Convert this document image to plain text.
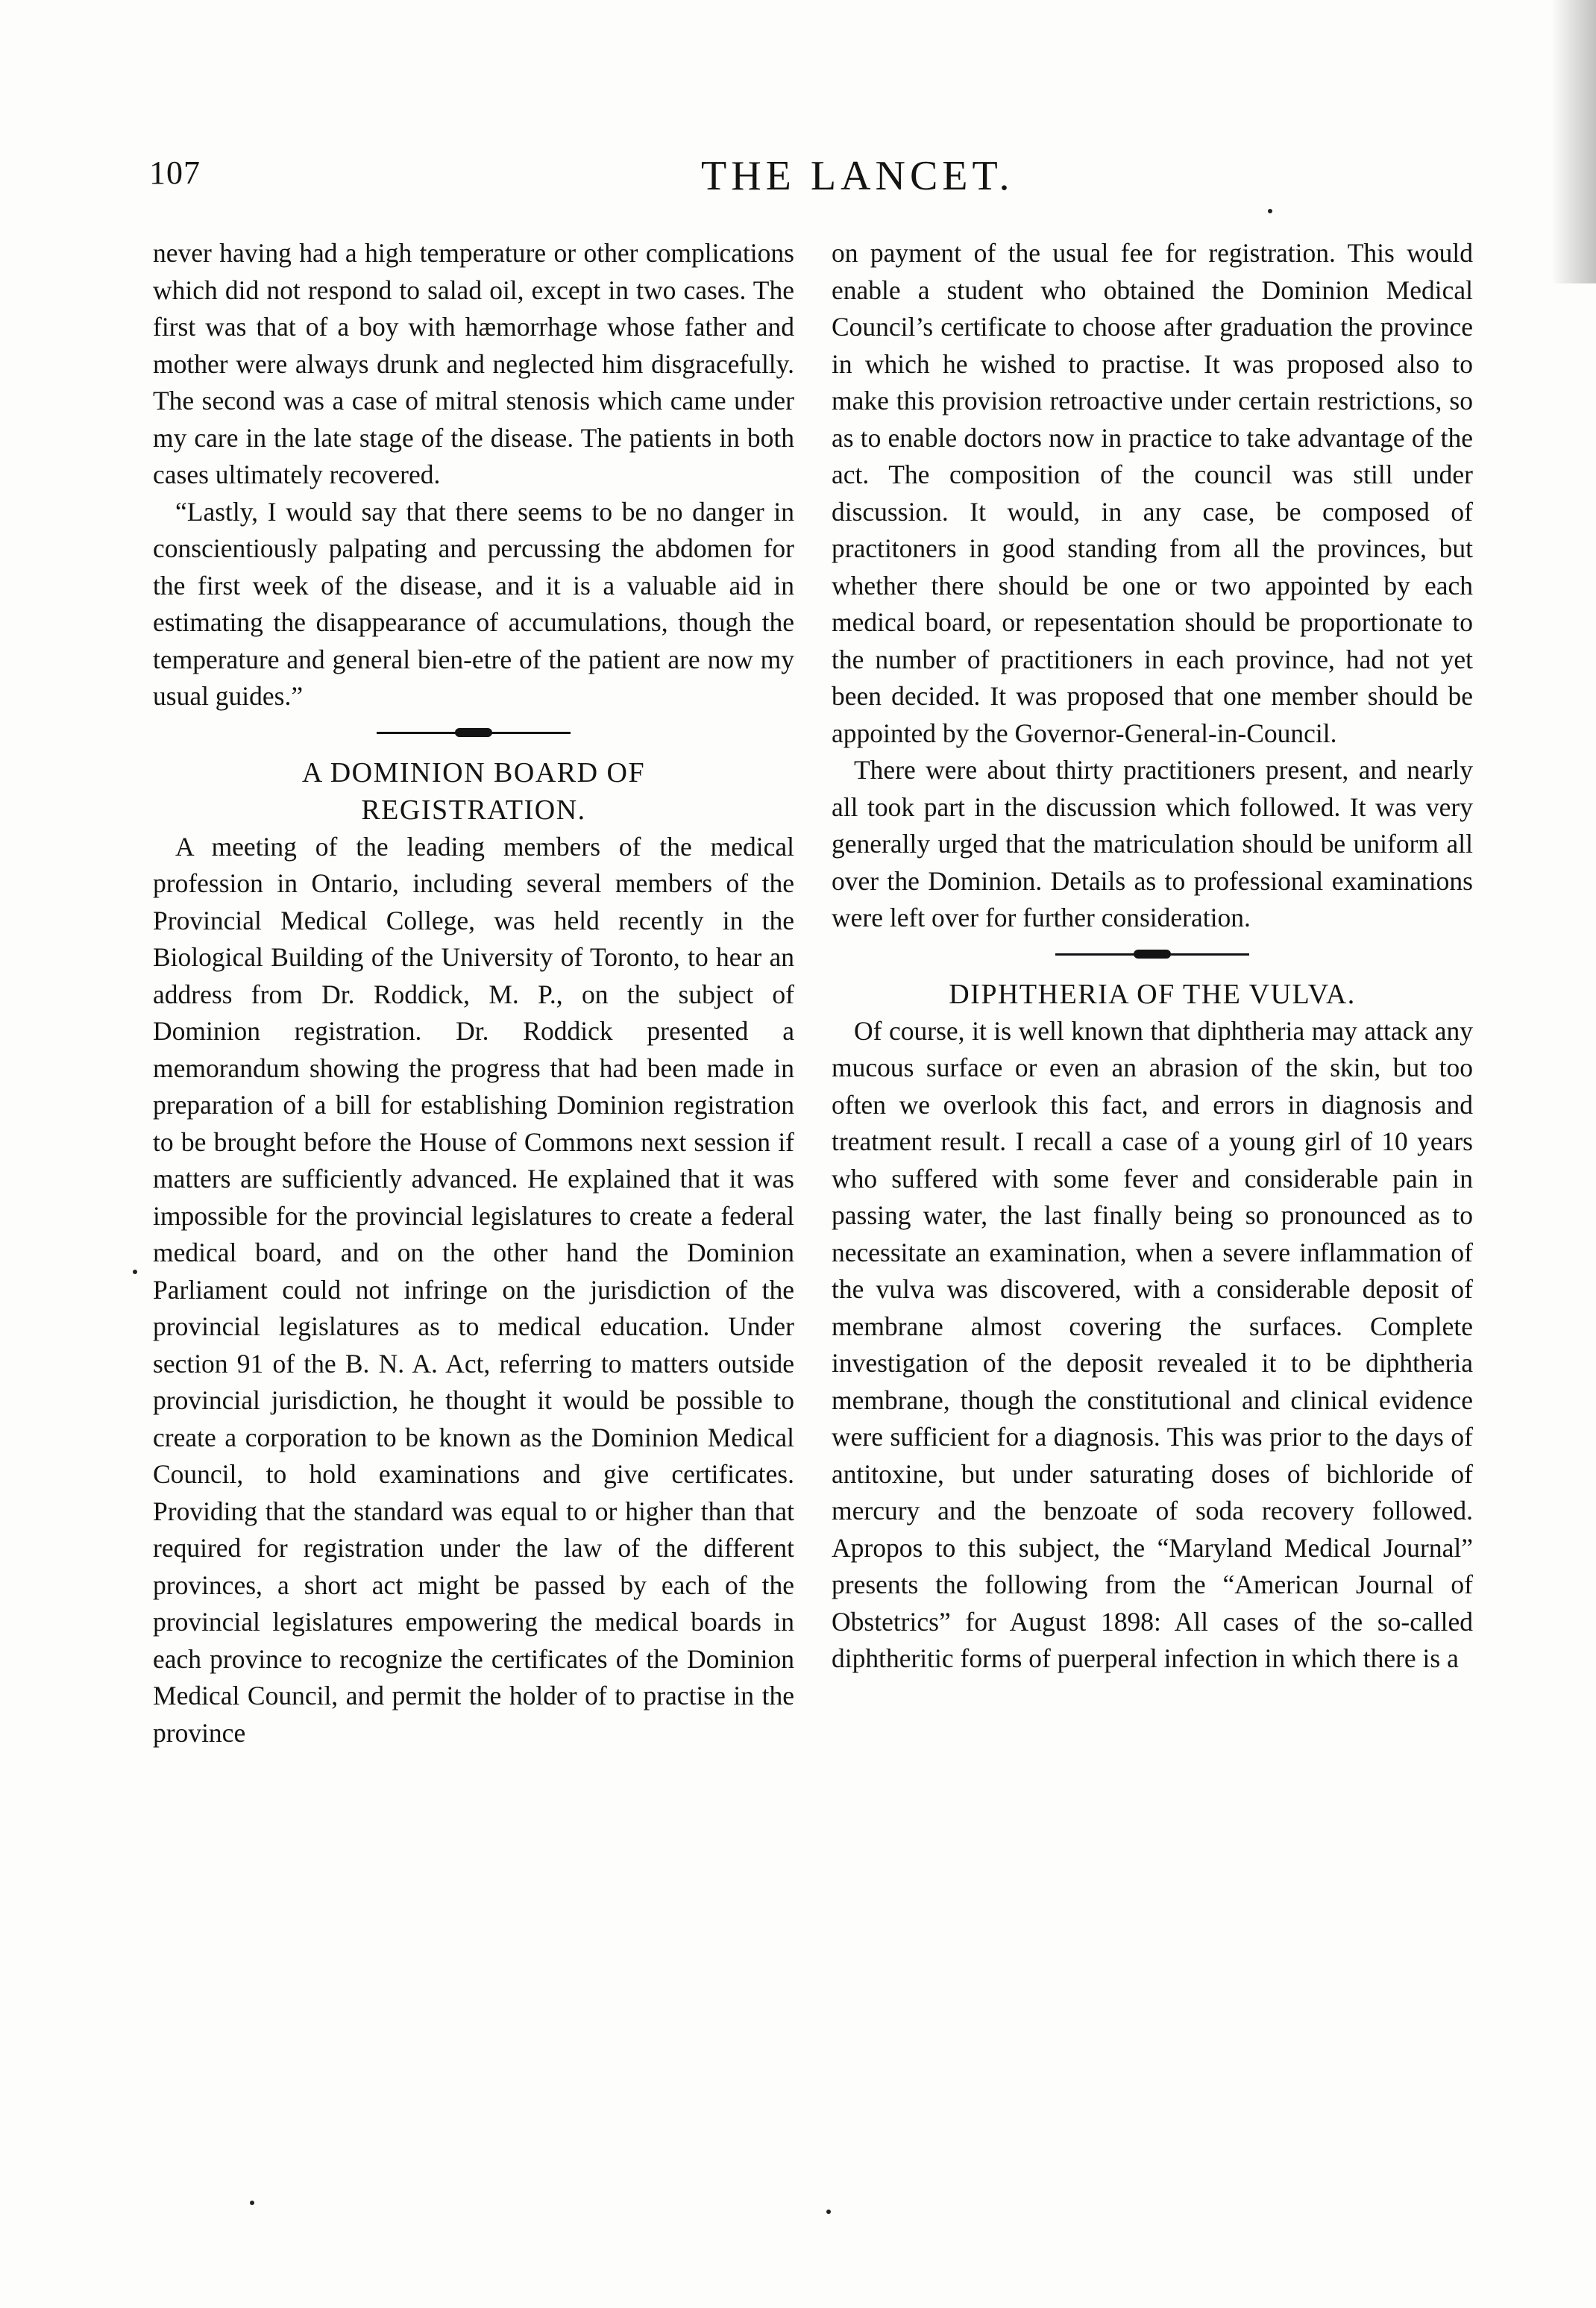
107	THE LANCET.

never having had a high temperature or other complications which did not respond to salad oil, except in two cases. The first was that of a boy with hæmorrhage whose father and mother were always drunk and neglected him disgracefully. The second was a case of mitral stenosis which came under my care in the late stage of the disease. The patients in both cases ultimately recovered.

“Lastly, I would say that there seems to be no danger in conscientiously palpating and percussing the abdomen for the first week of the disease, and it is a valuable aid in estimating the disappearance of accumulations, though the temperature and general bien-etre of the patient are now my usual guides.”

A DOMINION BOARD OF
REGISTRATION.

A meeting of the leading members of the medical profession in Ontario, including several members of the Provincial Medical College, was held recently in the Biological Building of the University of Toronto, to hear an address from Dr. Roddick, M. P., on the subject of Dominion registration. Dr. Roddick presented a memorandum showing the progress that had been made in preparation of a bill for establishing Dominion registration to be brought before the House of Commons next session if matters are sufficiently advanced. He explained that it was impossible for the provincial legislatures to create a federal medical board, and on the other hand the Dominion Parliament could not infringe on the jurisdiction of the provincial legislatures as to medical education. Under section 91 of the B. N. A. Act, referring to matters outside provincial jurisdiction, he thought it would be possible to create a corporation to be known as the Dominion Medical Council, to hold examinations and give certificates. Providing that the standard was equal to or higher than that required for registration under the law of the different provinces, a short act might be passed by each of the provincial legislatures empowering the medical boards in each province to recognize the certificates of the Dominion Medical Council, and permit the holder of to practise in the province

on payment of the usual fee for registration. This would enable a student who obtained the Dominion Medical Council’s certificate to choose after graduation the province in which he wished to practise. It was proposed also to make this provision retroactive under certain restrictions, so as to enable doctors now in practice to take advantage of the act. The composition of the council was still under discussion. It would, in any case, be composed of practitoners in good standing from all the provinces, but whether there should be one or two appointed by each medical board, or repesentation should be proportionate to the number of practitioners in each province, had not yet been decided. It was proposed that one member should be appointed by the Governor-General-in-Council.

There were about thirty practitioners present, and nearly all took part in the discussion which followed. It was very generally urged that the matriculation should be uniform all over the Dominion. Details as to professional examinations were left over for further consideration.

DIPHTHERIA OF THE VULVA.

Of course, it is well known that diphtheria may attack any mucous surface or even an abrasion of the skin, but too often we overlook this fact, and errors in diagnosis and treatment result. I recall a case of a young girl of 10 years who suffered with some fever and considerable pain in passing water, the last finally being so pronounced as to necessitate an examination, when a severe inflammation of the vulva was discovered, with a considerable deposit of membrane almost covering the surfaces. Complete investigation of the deposit revealed it to be diphtheria membrane, though the constitutional and clinical evidence were sufficient for a diagnosis. This was prior to the days of antitoxine, but under saturating doses of bichloride of mercury and the benzoate of soda recovery followed. Apropos to this subject, the “Maryland Medical Journal” presents the following from the “American Journal of Obstetrics” for August 1898: All cases of the so-called diphtheritic forms of puerperal infection in which there is a
